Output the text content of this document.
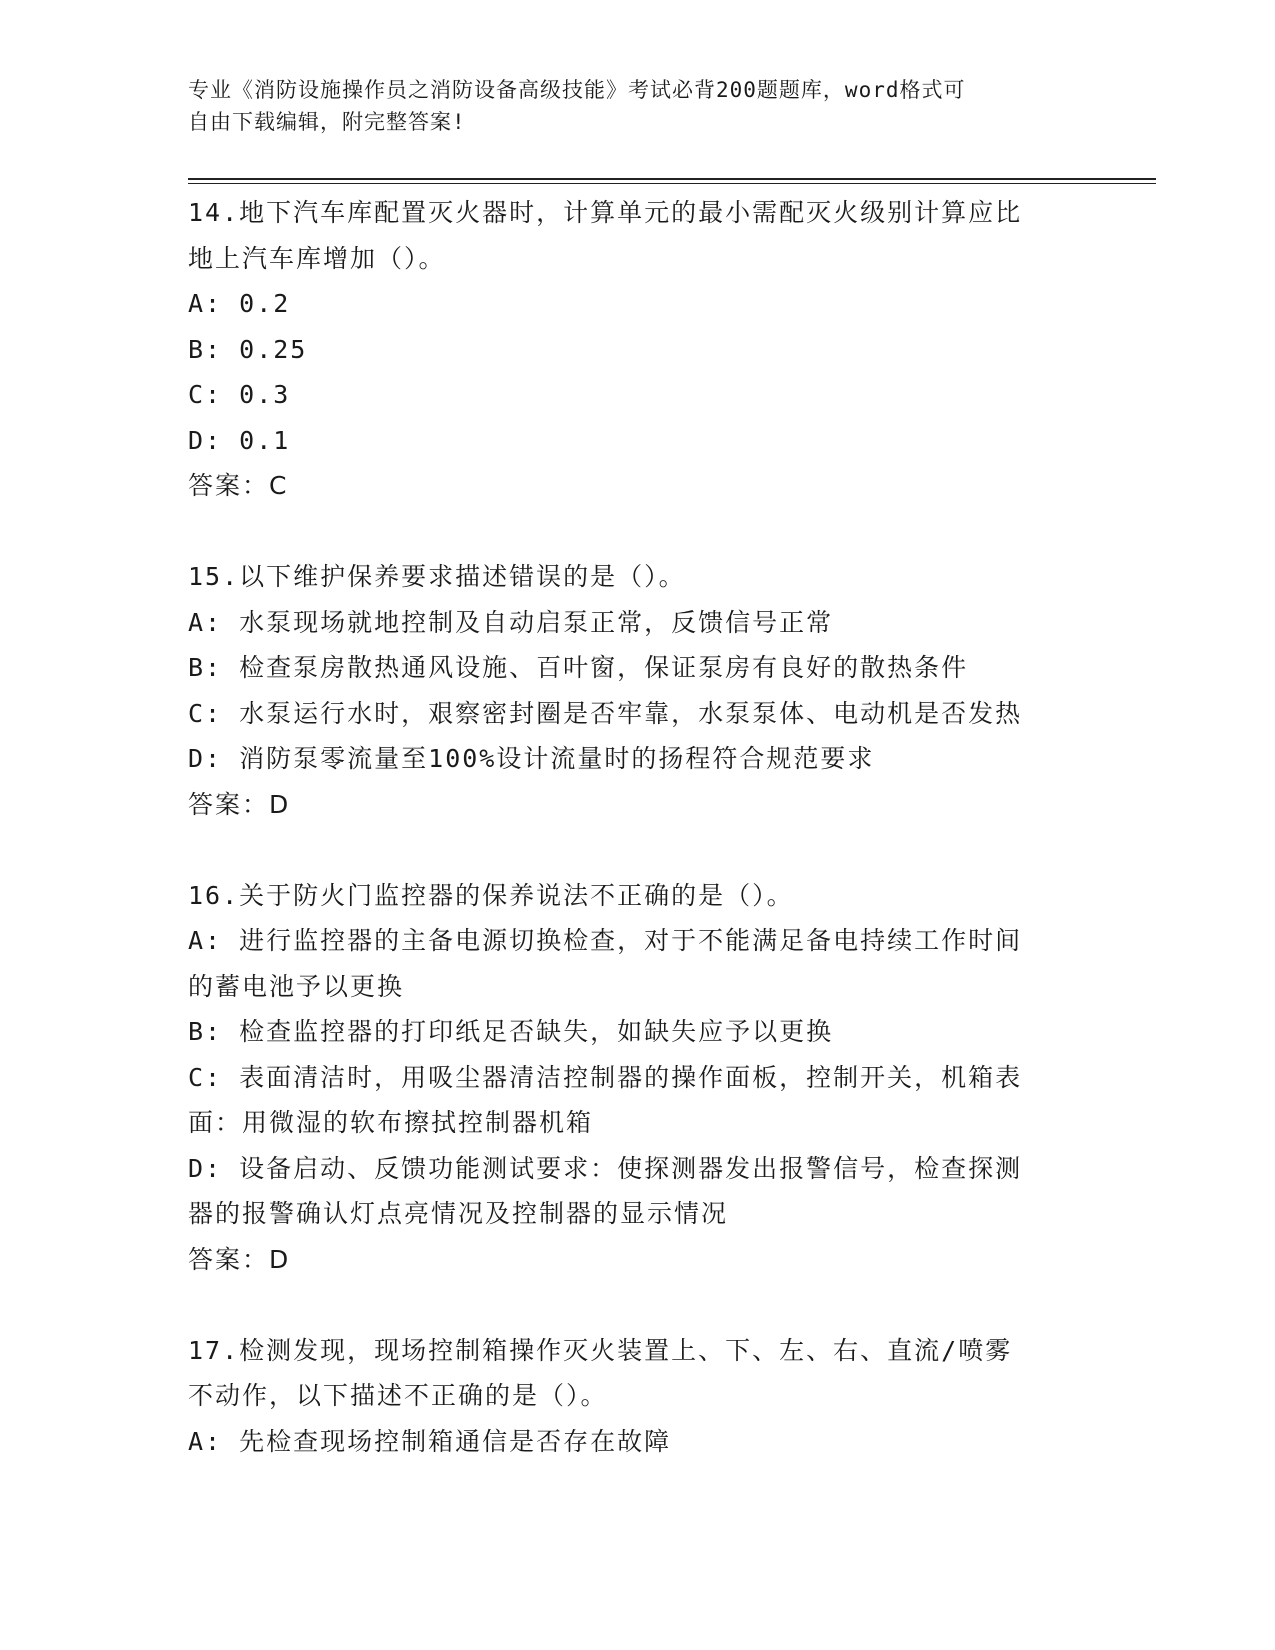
专业《消防设施操作员之消防设备高级技能》考试必背200题题库，word格式可
自由下载编辑，附完整答案!
14.地下汽车库配置灭火器时，计算单元的最小需配灭火级别计算应比
地上汽车库增加（）。
A: 0.2
B: 0.25
C: 0.3
D: 0.1
答案：C
15.以下维护保养要求描述错误的是（）。
A: 水泵现场就地控制及自动启泵正常，反馈信号正常
B: 检查泵房散热通风设施、百叶窗，保证泵房有良好的散热条件
C: 水泵运行水时，艰察密封圈是否牢靠，水泵泵体、电动机是否发热
D: 消防泵零流量至100%设计流量时的扬程符合规范要求
答案：D
16.关于防火门监控器的保养说法不正确的是（）。
A: 进行监控器的主备电源切换检查，对于不能满足备电持续工作时间
的蓄电池予以更换
B: 检查监控器的打印纸足否缺失，如缺失应予以更换
C: 表面清洁时，用吸尘器清洁控制器的操作面板，控制开关，机箱表
面：用微湿的软布擦拭控制器机箱
D: 设备启动、反馈功能测试要求：使探测器发出报警信号，检查探测
器的报警确认灯点亮情况及控制器的显示情况
答案：D
17.检测发现，现场控制箱操作灭火装置上、下、左、右、直流/喷雾
不动作，以下描述不正确的是（）。
A: 先检查现场控制箱通信是否存在故障
